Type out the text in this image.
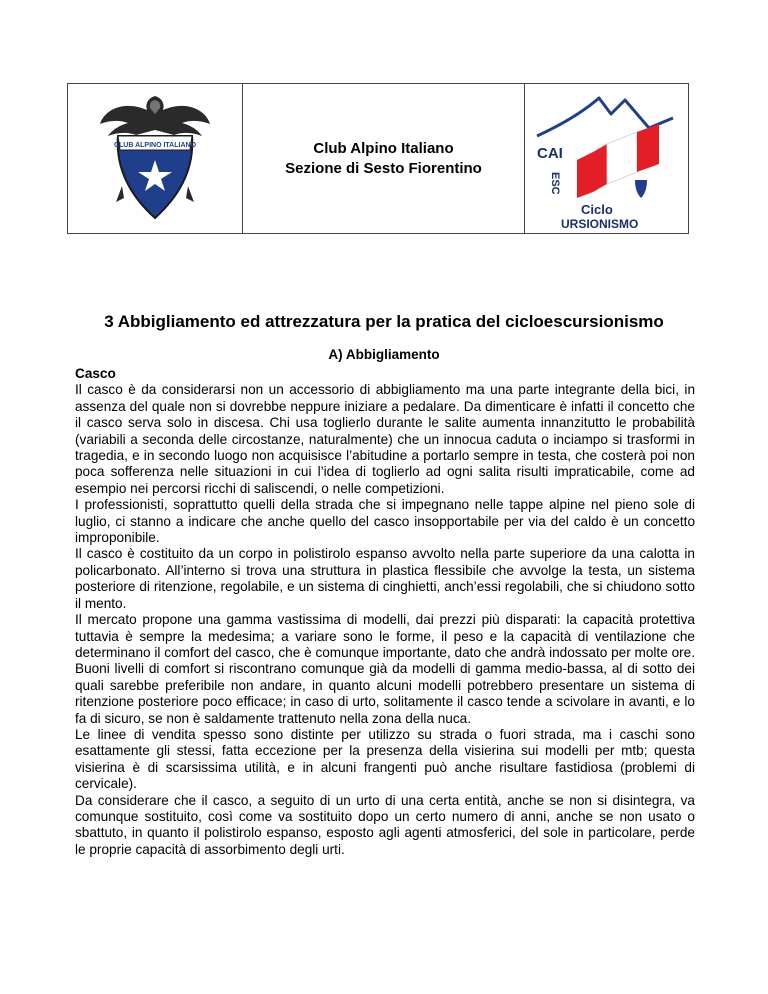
CLUB ALPINO ITALIANO	Club Alpino Italiano
Sezione di Sesto Fiorentino
CAI
ESC
Ciclo
URSIONISMO
3 Abbigliamento ed attrezzatura per la pratica del cicloescursionismo
A) Abbigliamento
Casco

Il casco è da considerarsi non un accessorio di abbigliamento ma una parte integrante della bici, in assenza del quale non si dovrebbe neppure iniziare a pedalare. Da dimenticare è infatti il concetto che il casco serva solo in discesa. Chi usa toglierlo durante le salite aumenta innanzitutto le probabilità (variabili a seconda delle circostanze, naturalmente) che un innocua caduta o inciampo si trasformi in tragedia, e in secondo luogo non acquisisce l’abitudine a portarlo sempre in testa, che costerà poi non poca sofferenza nelle situazioni in cui l’idea di toglierlo ad ogni salita risulti impraticabile, come ad esempio nei percorsi ricchi di saliscendi, o nelle competizioni.

I professionisti, soprattutto quelli della strada che si impegnano nelle tappe alpine nel pieno sole di luglio, ci stanno a indicare che anche quello del casco insopportabile per via del caldo è un concetto improponibile.

Il casco è costituito da un corpo in polistirolo espanso avvolto nella parte superiore da una calotta in policarbonato. All’interno si trova una struttura in plastica flessibile che avvolge la testa, un sistema posteriore di ritenzione, regolabile, e un sistema di cinghietti, anch’essi regolabili, che si chiudono sotto il mento.

Il mercato propone una gamma vastissima di modelli, dai prezzi più disparati: la capacità protettiva tuttavia è sempre la medesima; a variare sono le forme, il peso e la capacità di ventilazione che determinano il comfort del casco, che è comunque importante, dato che andrà indossato per molte ore. Buoni livelli di comfort si riscontrano comunque già da modelli di gamma medio-bassa, al di sotto dei quali sarebbe preferibile non andare, in quanto alcuni modelli potrebbero presentare un sistema di ritenzione posteriore poco efficace; in caso di urto, solitamente il casco tende a scivolare in avanti, e lo fa di sicuro, se non è saldamente trattenuto nella zona della nuca.

Le linee di vendita spesso sono distinte per utilizzo su strada o fuori strada, ma i caschi sono esattamente gli stessi, fatta eccezione per la presenza della visierina sui modelli per mtb; questa visierina è di scarsissima utilità, e in alcuni frangenti può anche risultare fastidiosa (problemi di cervicale).

Da considerare che il casco, a seguito di un urto di una certa entità, anche se non si disintegra, va comunque sostituito, così come va sostituito dopo un certo numero di anni, anche se non usato o sbattuto, in quanto il polistirolo espanso, esposto agli agenti atmosferici, del sole in particolare, perde le proprie capacità di assorbimento degli urti.
